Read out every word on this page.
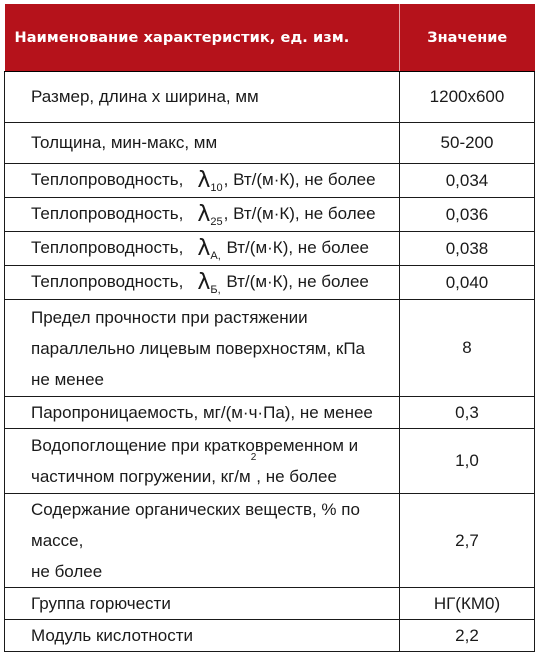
Наименование характеристик, ед. изм.	Значение
Размер, длина х ширина, мм	1200х600
Толщина, мин-макс, мм	50-200
Теплопроводность, $\lambda_{10}$, Вт/(м·К), не более	0,034
Теплопроводность, $\lambda_{25}$, Вт/(м·К), не более	0,036
Теплопроводность, $\lambda_{А,}$ Вт/(м·К), не более	0,038
Теплопроводность, $\lambda_{Б,}$ Вт/(м·К), не более	0,040

Предел прочности при растяжении
параллельно лицевым поверхностям, кПа
не менее	8
Паропроницаемость, мг/(м·ч·Па), не менее	0,3

Водопоглощение при кратковременном и
частичном погружении, $кг/м^2$, не более	1,0

Содержание органических веществ, % по массе,
не более	2,7
Группа горючести	НГ(КМ0)
Модуль кислотности	2,2
